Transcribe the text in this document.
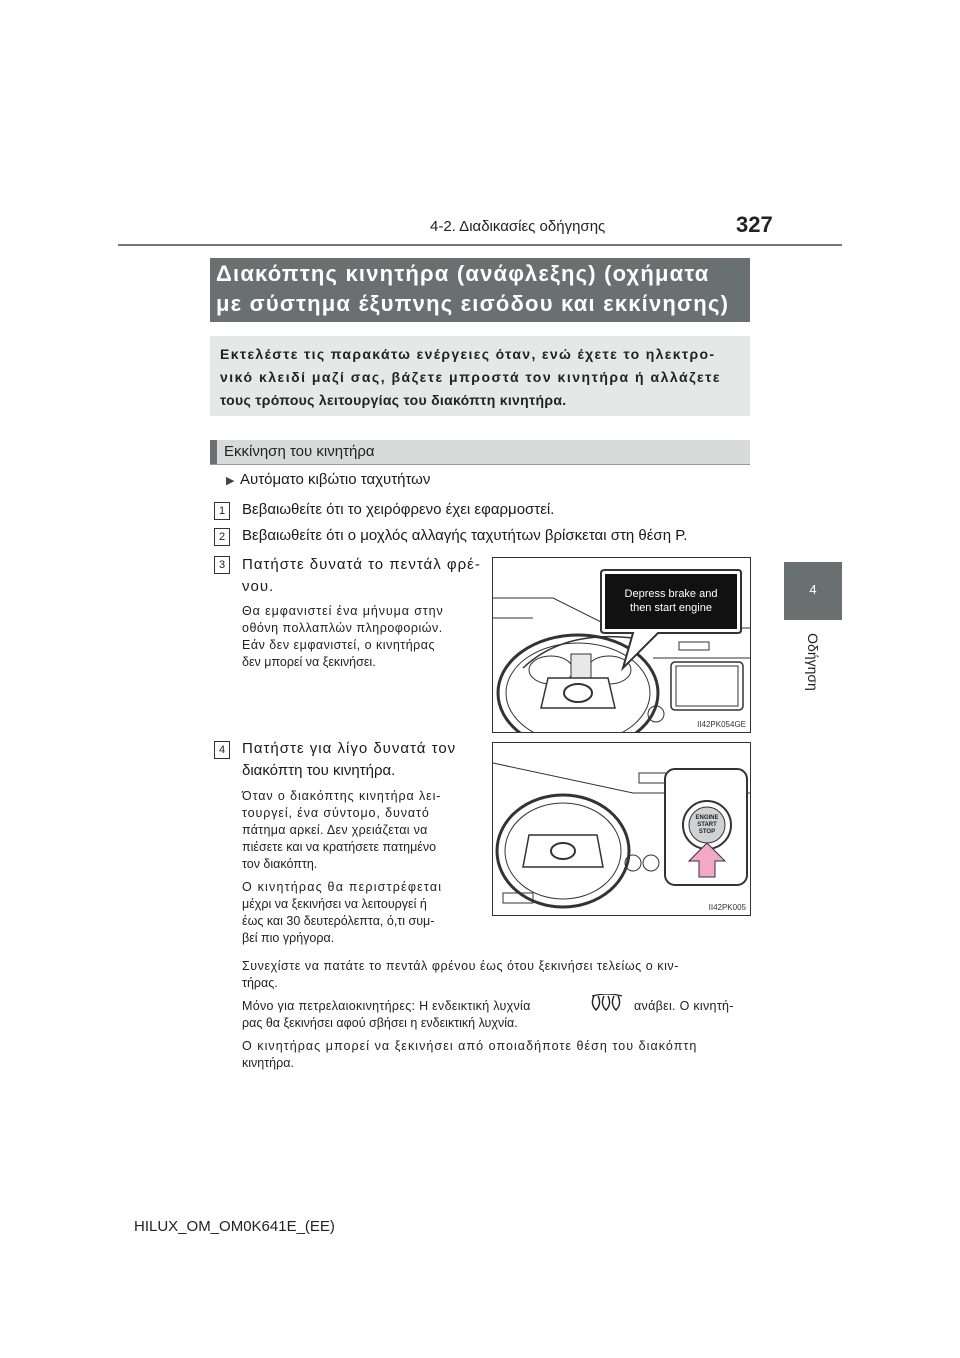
4-2. Διαδικασίες οδήγησης	327
4
Οδήγηση
Διακόπτης κινητήρα (ανάφλεξης) (οχήματα
με σύστημα έξυπνης εισόδου και εκκίνησης)
Εκτελέστε τις παρακάτω ενέργειες όταν, ενώ έχετε το ηλεκτρο-
νικό κλειδί μαζί σας, βάζετε μπροστά τον κινητήρα ή αλλάζετε
τους τρόπους λειτουργίας του διακόπτη κινητήρα.
Εκκίνηση του κινητήρα
▶ Αυτόματο κιβώτιο ταχυτήτων
1	Βεβαιωθείτε ότι το χειρόφρενο έχει εφαρμοστεί.
2	Βεβαιωθείτε ότι ο μοχλός αλλαγής ταχυτήτων βρίσκεται στη θέση P.
3	Πατήστε δυνατά το πεντάλ φρέ-
νου.
Θα εμφανιστεί ένα μήνυμα στην
οθόνη πολλαπλών πληροφοριών.
Εάν δεν εμφανιστεί, ο κινητήρας
δεν μπορεί να ξεκινήσει.
Depress brake and
then start engine
II42PK054GE
4	Πατήστε για λίγο δυνατά τον
διακόπτη του κινητήρα.
Όταν ο διακόπτης κινητήρα λει-
τουργεί, ένα σύντομο, δυνατό
πάτημα αρκεί. Δεν χρειάζεται να
πιέσετε και να κρατήσετε πατημένο
τον διακόπτη.
Ο κινητήρας θα περιστρέφεται
μέχρι να ξεκινήσει να λειτουργεί ή
έως και 30 δευτερόλεπτα, ό,τι συμ-
βεί πιο γρήγορα.
ENGINE
START
STOP
II42PK005
Συνεχίστε να πατάτε το πεντάλ φρένου έως ότου ξεκινήσει τελείως ο κιν-
τήρας.
Μόνο για πετρελαιοκινητήρες: Η ενδεικτική λυχνία	ανάβει. Ο κινητή-
ρας θα ξεκινήσει αφού σβήσει η ενδεικτική λυχνία.
Ο κινητήρας μπορεί να ξεκινήσει από οποιαδήποτε θέση του διακόπτη
κινητήρα.
HILUX_OM_OM0K641E_(EE)
